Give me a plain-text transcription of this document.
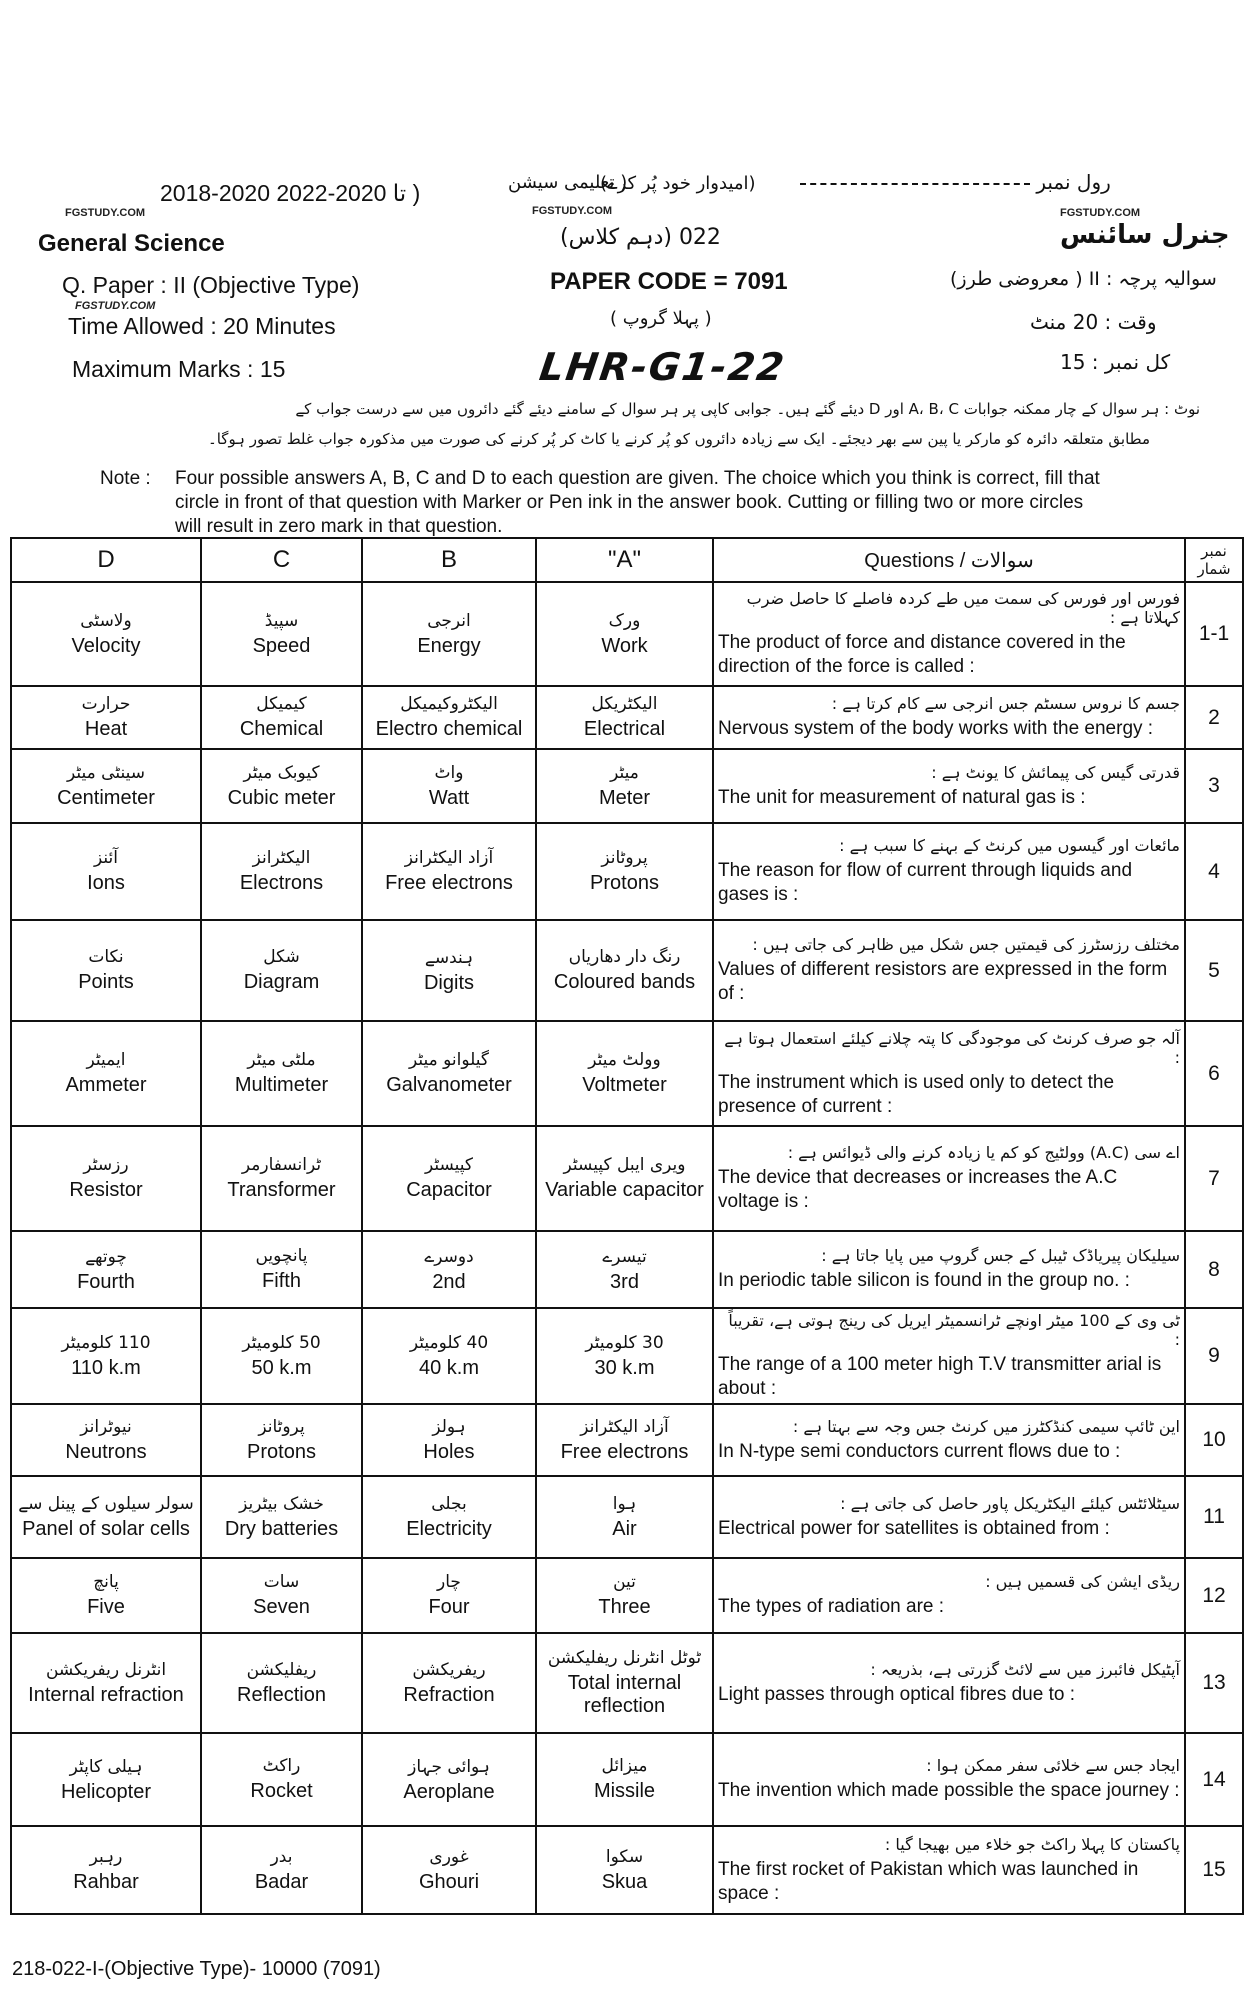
رول نمبر
(امیدوار خود پُر کرے)
( تعلیمی سیشن
2018-2020 تا 2020-2022 )
FGSTUDY.COM	FGSTUDY.COM	FGSTUDY.COM
General Science	022 (دہم کلاس)	جنرل سائنس
Q. Paper : II (Objective Type)	PAPER CODE = 7091	سوالیہ پرچہ : II ( معروضی طرز)
FGSTUDY.COM
Time Allowed : 20 Minutes	( پہلا گروپ )	وقت : 20 منٹ
Maximum Marks : 15	LHR-G1-22	کل نمبر : 15
نوٹ : ہر سوال کے چار ممکنہ جوابات A، B، C اور D دیئے گئے ہیں۔ جوابی کاپی پر ہر سوال کے سامنے دیئے گئے دائروں میں سے درست جواب کے
مطابق متعلقہ دائرہ کو مارکر یا پین سے بھر دیجئے۔ ایک سے زیادہ دائروں کو پُر کرنے یا کاٹ کر پُر کرنے کی صورت میں مذکورہ جواب غلط تصور ہوگا۔
Note : Four possible answers A, B, C and D to each question are given. The choice which you think is correct, fill that circle in front of that question with Marker or Pen ink in the answer book. Cutting or filling two or more circles will result in zero mark in that question.
D	C	B	"A"	Questions / سوالات	نمبر شمار

ولاسٹی
Velocity	سپیڈ
Speed	انرجی
Energy	ورک
Work	فورس اور فورس کی سمت میں طے کردہ فاصلے کا حاصل ضرب کہلاتا ہے :
The product of force and distance covered in the direction of the force is called :	1-1

حرارت
Heat	کیمیکل
Chemical	الیکٹروکیمیکل
Electro chemical	الیکٹریکل
Electrical	جسم کا نروس سسٹم جس انرجی سے کام کرتا ہے :
Nervous system of the body works with the energy :	2

سینٹی میٹر
Centimeter	کیوبک میٹر
Cubic meter	واٹ
Watt	میٹر
Meter	قدرتی گیس کی پیمائش کا یونٹ ہے :
The unit for measurement of natural gas is :	3

آئنز
Ions	الیکٹرانز
Electrons	آزاد الیکٹرانز
Free electrons	پروٹانز
Protons	مائعات اور گیسوں میں کرنٹ کے بہنے کا سبب ہے :
The reason for flow of current through liquids and gases is :	4

نکات
Points	شکل
Diagram	ہندسے
Digits	رنگ دار دھاریاں
Coloured bands	مختلف رزسٹرز کی قیمتیں جس شکل میں ظاہر کی جاتی ہیں :
Values of different resistors are expressed in the form of :	5

ایمیٹر
Ammeter	ملٹی میٹر
Multimeter	گیلوانو میٹر
Galvanometer	وولٹ میٹر
Voltmeter	آلہ جو صرف کرنٹ کی موجودگی کا پتہ چلانے کیلئے استعمال ہوتا ہے :
The instrument which is used only to detect the presence of current :	6

رزسٹر
Resistor	ٹرانسفارمر
Transformer	کپیسٹر
Capacitor	ویری ایبل کپیسٹر
Variable capacitor	اے سی (A.C) وولٹیج کو کم یا زیادہ کرنے والی ڈیوائس ہے :
The device that decreases or increases the A.C voltage is :	7

چوتھے
Fourth	پانچویں
Fifth	دوسرے
2nd	تیسرے
3rd	سیلیکان پیریاڈک ٹیبل کے جس گروپ میں پایا جاتا ہے :
In periodic table silicon is found in the group no. :	8

110 کلومیٹر
110 k.m	50 کلومیٹر
50 k.m	40 کلومیٹر
40 k.m	30 کلومیٹر
30 k.m	ٹی وی کے 100 میٹر اونچے ٹرانسمیٹر ایریل کی رینج ہوتی ہے، تقریباً :
The range of a 100 meter high T.V transmitter arial is about :	9

نیوٹرانز
Neutrons	پروٹانز
Protons	ہولز
Holes	آزاد الیکٹرانز
Free electrons	این ٹائپ سیمی کنڈکٹرز میں کرنٹ جس وجہ سے بہتا ہے :
In N-type semi conductors current flows due to :	10

سولر سیلوں کے پینل سے
Panel of solar cells	خشک بیٹریز
Dry batteries	بجلی
Electricity	ہوا
Air	سیٹلائٹس کیلئے الیکٹریکل پاور حاصل کی جاتی ہے :
Electrical power for satellites is obtained from :	11

پانچ
Five	سات
Seven	چار
Four	تین
Three	ریڈی ایشن کی قسمیں ہیں :
The types of radiation are :	12

انٹرنل ریفریکشن
Internal refraction	ریفلیکشن
Reflection	ریفریکشن
Refraction	ٹوٹل انٹرنل ریفلیکشن
Total internal reflection	آپٹیکل فائبرز میں سے لائٹ گزرتی ہے، بذریعہ :
Light passes through optical fibres due to :	13

ہیلی کاپٹر
Helicopter	راکٹ
Rocket	ہوائی جہاز
Aeroplane	میزائل
Missile	ایجاد جس سے خلائی سفر ممکن ہوا :
The invention which made possible the space journey :	14

رہبر
Rahbar	بدر
Badar	غوری
Ghouri	سکوا
Skua	پاکستان کا پہلا راکٹ جو خلاء میں بھیجا گیا :
The first rocket of Pakistan which was launched in space :	15
218-022-I-(Objective Type)- 10000 (7091)
